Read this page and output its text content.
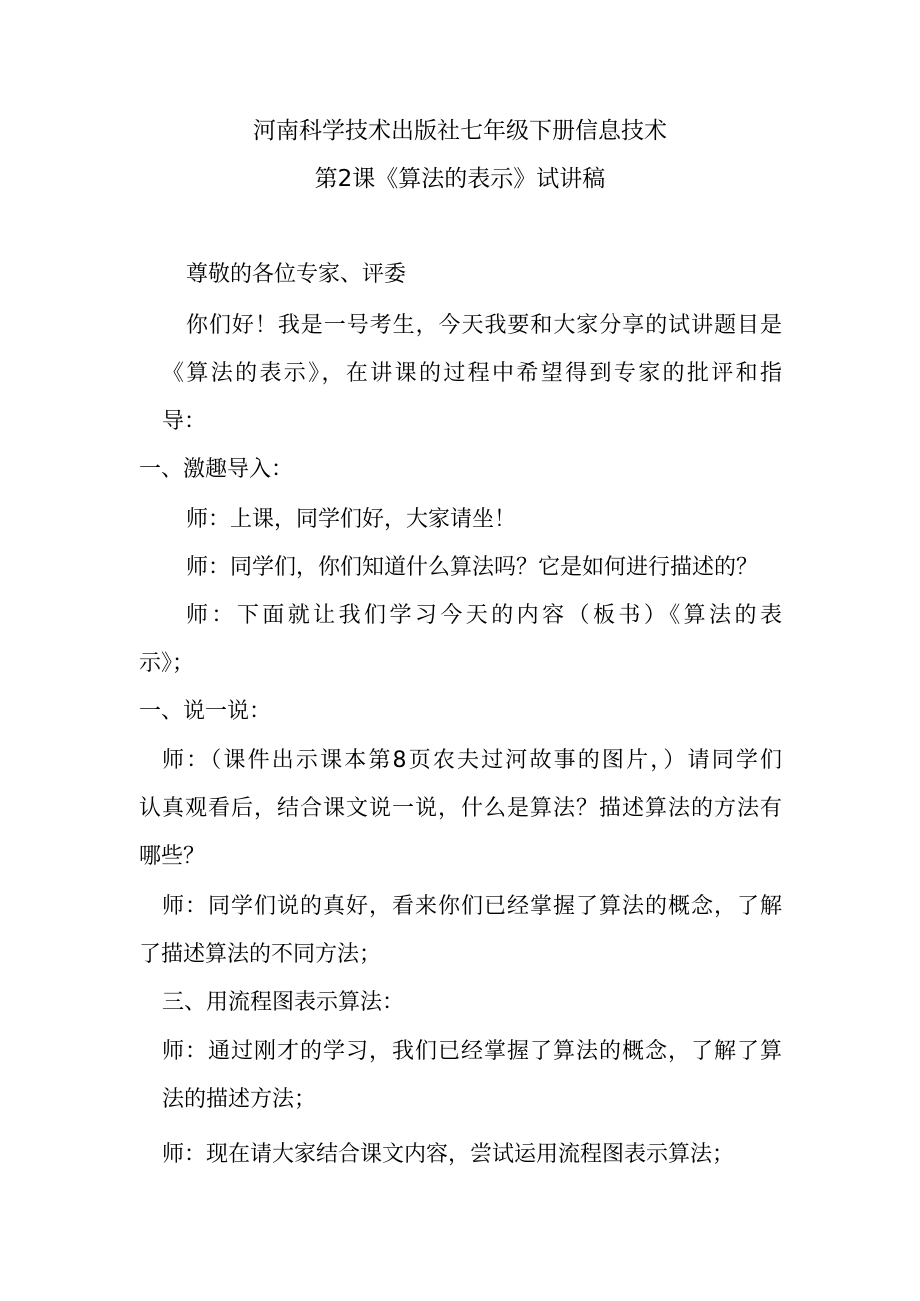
河南科学技术出版社七年级下册信息技术
第2课《算法的表示》试讲稿
尊敬的各位专家、评委
你们好！我是一号考生，今天我要和大家分享的试讲题目是
《算法的表示》，在讲课的过程中希望得到专家的批评和指
导：
一、激趣导入：
师：上课，同学们好，大家请坐！
师：同学们，你们知道什么算法吗？它是如何进行描述的？
师：下面就让我们学习今天的内容（板书）《算法的表
示》；
一、说一说：
师：（课件出示课本第8页农夫过河故事的图片，）请同学们
认真观看后，结合课文说一说，什么是算法？描述算法的方法有
哪些？
师：同学们说的真好，看来你们已经掌握了算法的概念，了解
了描述算法的不同方法；
三、用流程图表示算法：
师：通过刚才的学习，我们已经掌握了算法的概念，了解了算
法的描述方法；
师：现在请大家结合课文内容，尝试运用流程图表示算法；
